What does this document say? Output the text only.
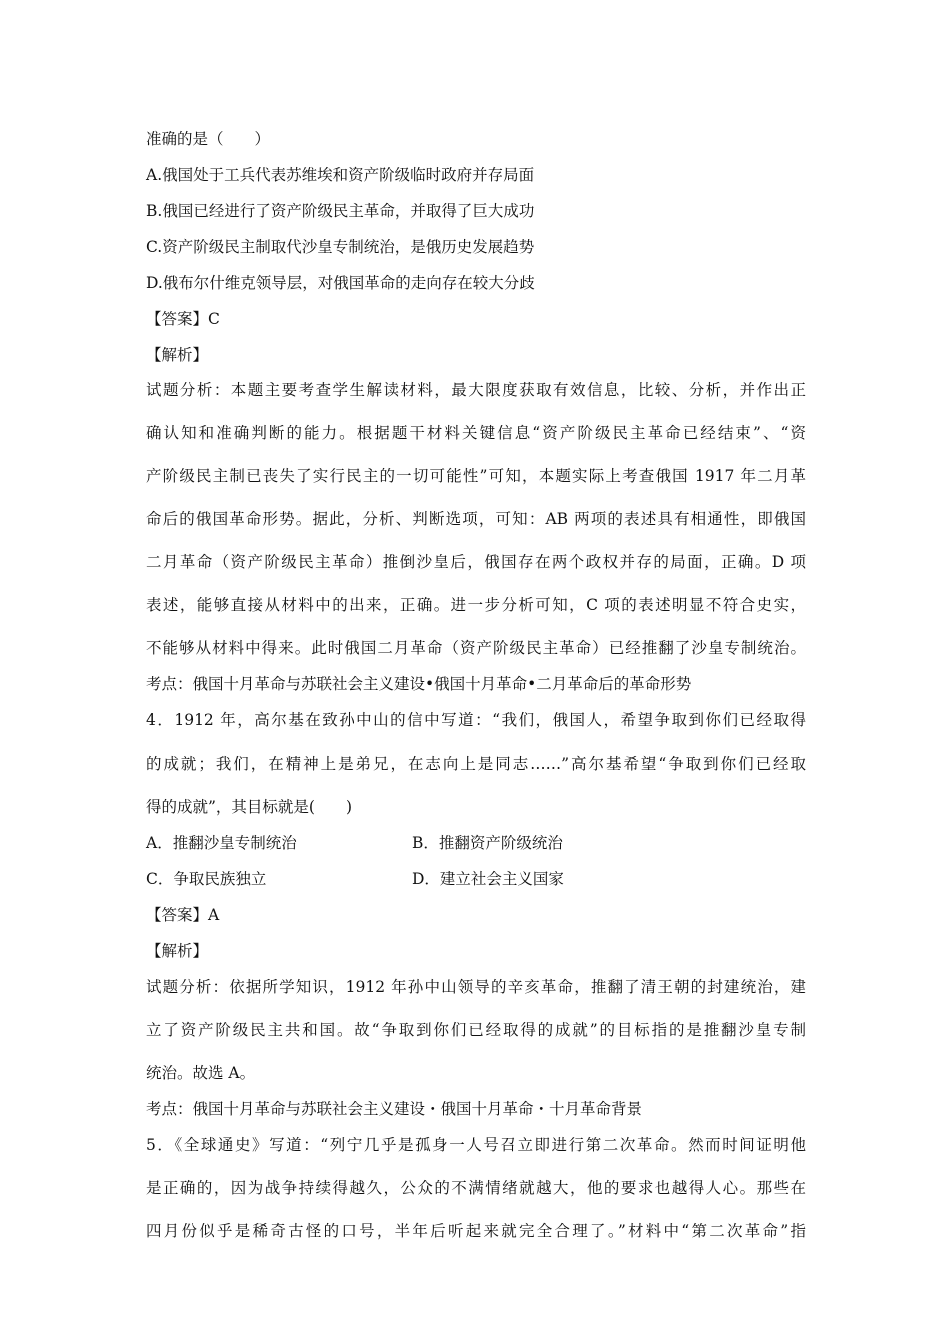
准确的是（　　）
A.俄国处于工兵代表苏维埃和资产阶级临时政府并存局面
B.俄国已经进行了资产阶级民主革命，并取得了巨大成功
C.资产阶级民主制取代沙皇专制统治，是俄历史发展趋势
D.俄布尔什维克领导层，对俄国革命的走向存在较大分歧
【答案】C
【解析】
试题分析：本题主要考查学生解读材料，最大限度获取有效信息，比较、分析，并作出正
确认知和准确判断的能力。根据题干材料关键信息“资产阶级民主革命已经结束”、“资
产阶级民主制已丧失了实行民主的一切可能性”可知，本题实际上考查俄国 1917 年二月革
命后的俄国革命形势。据此，分析、判断选项，可知：AB 两项的表述具有相通性，即俄国
二月革命（资产阶级民主革命）推倒沙皇后，俄国存在两个政权并存的局面，正确。D 项
表述，能够直接从材料中的出来，正确。进一步分析可知，C 项的表述明显不符合史实，
不能够从材料中得来。此时俄国二月革命（资产阶级民主革命）已经推翻了沙皇专制统治。
考点：俄国十月革命与苏联社会主义建设•俄国十月革命•二月革命后的革命形势
4．1912 年，高尔基在致孙中山的信中写道：“我们，俄国人，希望争取到你们已经取得
的成就；我们，在精神上是弟兄，在志向上是同志……”高尔基希望“争取到你们已经取
得的成就”，其目标就是(　　)
A．推翻沙皇专制统治	B．推翻资产阶级统治
C．争取民族独立	D．建立社会主义国家
【答案】A
【解析】
试题分析：依据所学知识，1912 年孙中山领导的辛亥革命，推翻了清王朝的封建统治，建
立了资产阶级民主共和国。故“争取到你们已经取得的成就”的目标指的是推翻沙皇专制
统治。故选 A。
考点：俄国十月革命与苏联社会主义建设・俄国十月革命・十月革命背景
5．《全球通史》写道：“列宁几乎是孤身一人号召立即进行第二次革命。然而时间证明他
是正确的，因为战争持续得越久，公众的不满情绪就越大，他的要求也越得人心。那些在
四月份似乎是稀奇古怪的口号，半年后听起来就完全合理了。”材料中“第二次革命”指
